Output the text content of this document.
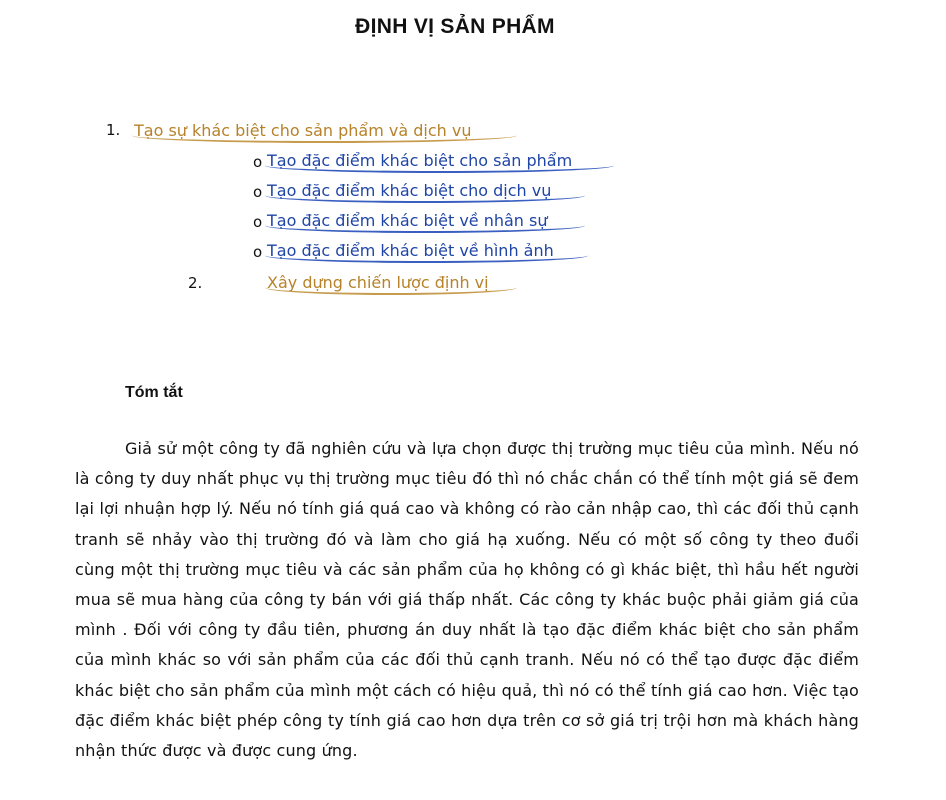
ĐỊNH VỊ SẢN PHẨM
1. Tạo sự khác biệt cho sản phẩm và dịch vụ
o Tạo đặc điểm khác biệt cho sản phẩm
o Tạo đặc điểm khác biệt cho dịch vụ
o Tạo đặc điểm khác biệt về nhân sự
o Tạo đặc điểm khác biệt về hình ảnh
2.	Xây dựng chiến lược định vị
Tóm tắt
Giả sử một công ty đã nghiên cứu và lựa chọn được thị trường mục tiêu của mình. Nếu nó là công ty duy nhất phục vụ thị trường mục tiêu đó thì nó chắc chắn có thể tính một giá sẽ đem lại lợi nhuận hợp lý. Nếu nó tính giá quá cao và không có rào cản nhập cao, thì các đối thủ cạnh tranh sẽ nhảy vào thị trường đó và làm cho giá hạ xuống. Nếu có một số công ty theo đuổi cùng một thị trường mục tiêu và các sản phẩm của họ không có gì khác biệt, thì hầu hết người mua sẽ mua hàng của công ty bán với giá thấp nhất. Các công ty khác buộc phải giảm giá của mình . Đối với công ty đầu tiên, phương án duy nhất là tạo đặc điểm khác biệt cho sản phẩm của mình khác so với sản phẩm của các đối thủ cạnh tranh. Nếu nó có thể tạo được đặc điểm khác biệt cho sản phẩm của mình một cách có hiệu quả, thì nó có thể tính giá cao hơn. Việc tạo đặc điểm khác biệt phép công ty tính giá cao hơn dựa trên cơ sở giá trị trội hơn mà khách hàng nhận thức được và được cung ứng.
